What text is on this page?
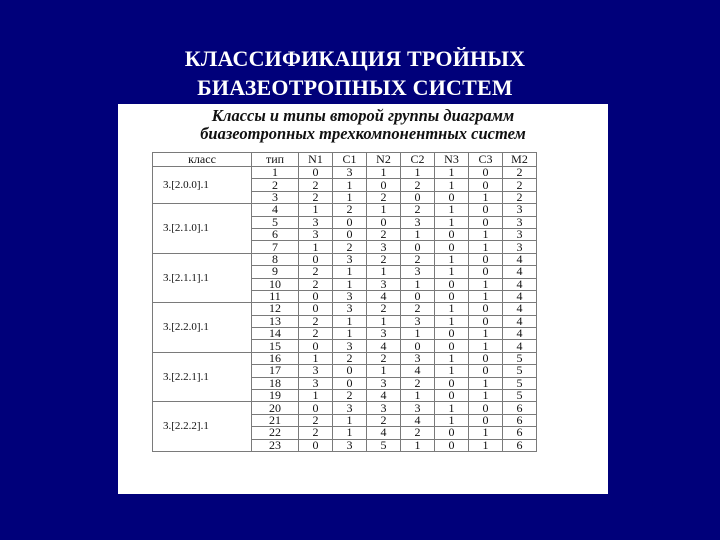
КЛАССИФИКАЦИЯ ТРОЙНЫХ
БИАЗЕОТРОПНЫХ СИСТЕМ
Классы и типы второй группы диаграмм
биазеотропных трехкомпонентных систем
класс	тип	N1	C1	N2	C2	N3	C3	M2
3.[2.0.0].1	1	0	3	1	1	1	0	2
	2	2	1	0	2	1	0	2
	3	2	1	2	0	0	1	2
3.[2.1.0].1	4	1	2	1	2	1	0	3
	5	3	0	0	3	1	0	3
	6	3	0	2	1	0	1	3
	7	1	2	3	0	0	1	3
3.[2.1.1].1	8	0	3	2	2	1	0	4
	9	2	1	1	3	1	0	4
	10	2	1	3	1	0	1	4
	11	0	3	4	0	0	1	4
3.[2.2.0].1	12	0	3	2	2	1	0	4
	13	2	1	1	3	1	0	4
	14	2	1	3	1	0	1	4
	15	0	3	4	0	0	1	4
3.[2.2.1].1	16	1	2	2	3	1	0	5
	17	3	0	1	4	1	0	5
	18	3	0	3	2	0	1	5
	19	1	2	4	1	0	1	5
3.[2.2.2].1	20	0	3	3	3	1	0	6
	21	2	1	2	4	1	0	6
	22	2	1	4	2	0	1	6
	23	0	3	5	1	0	1	6
28
